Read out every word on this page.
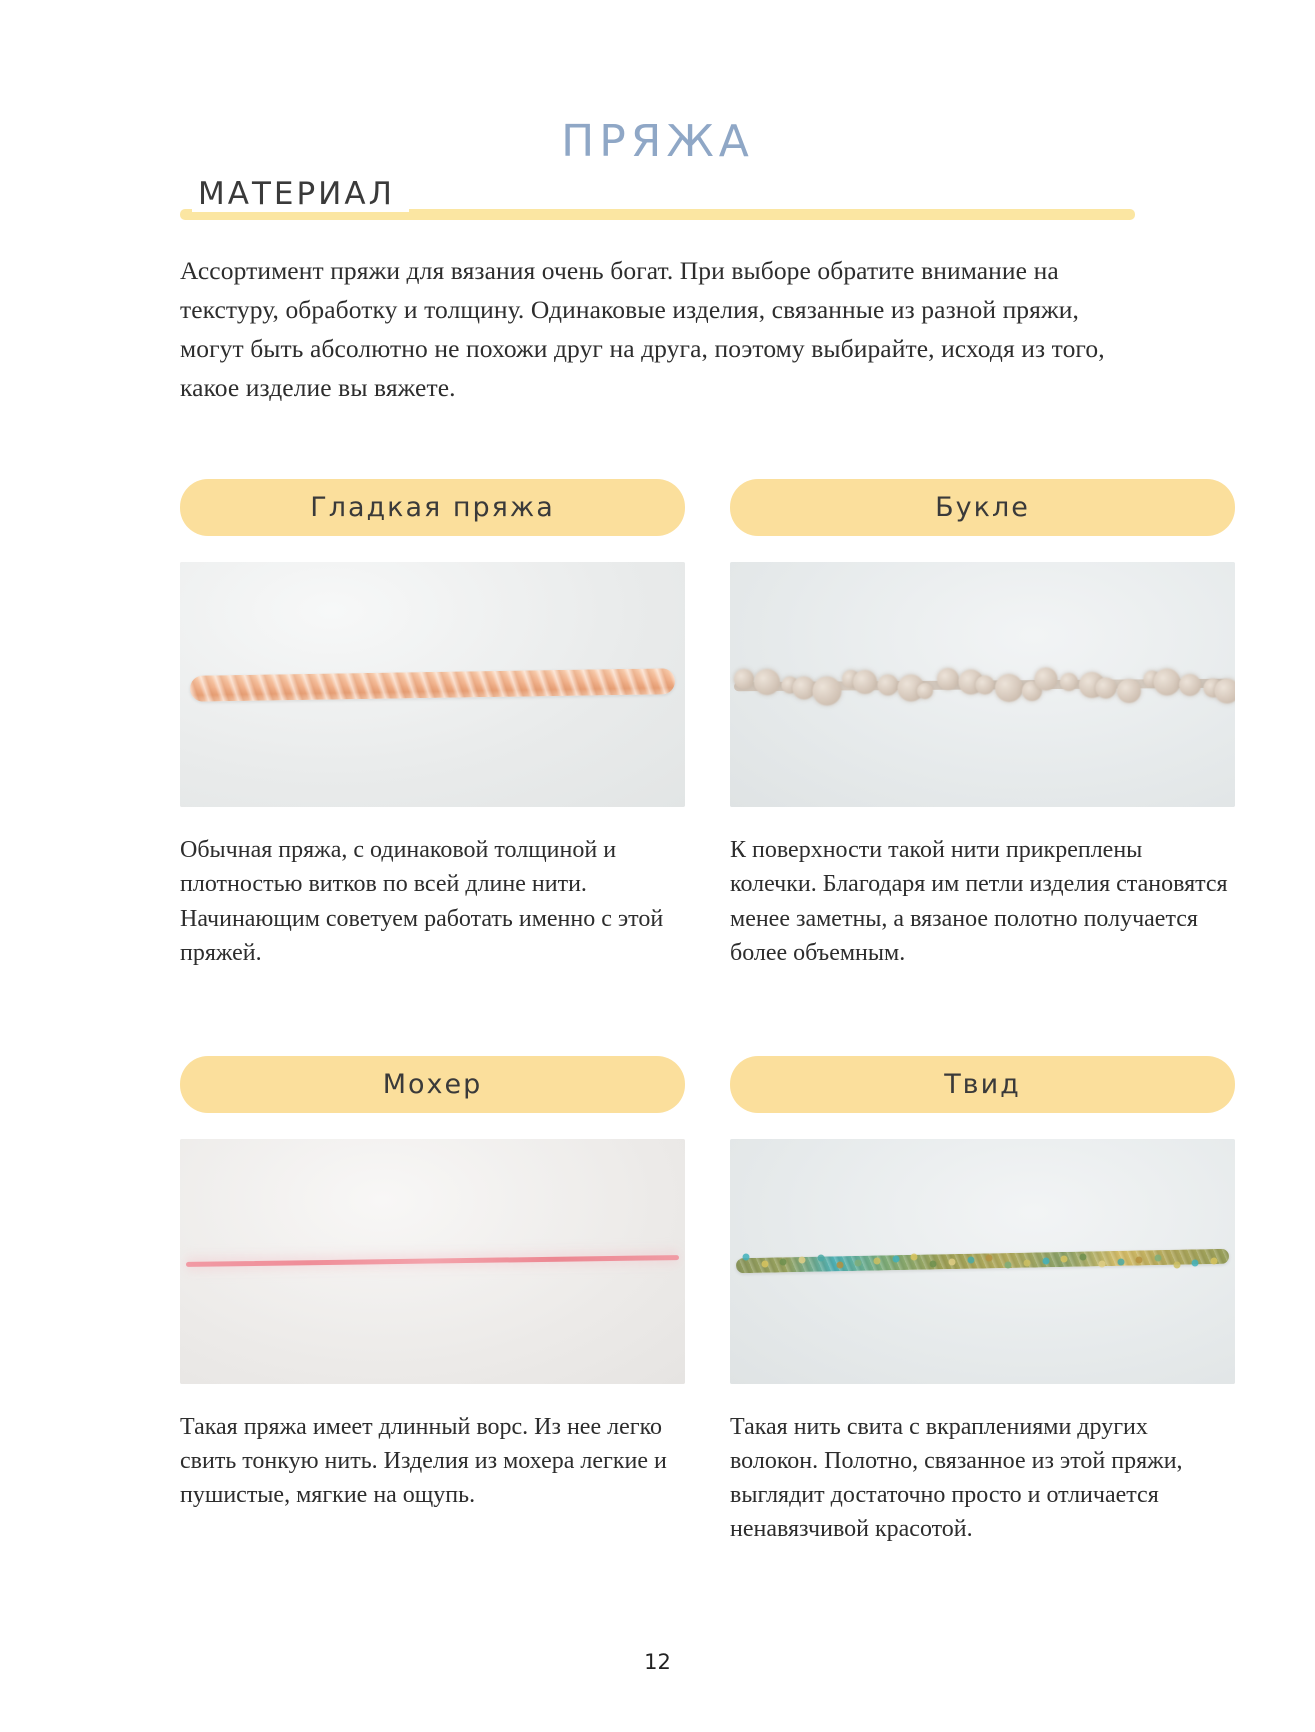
ПРЯЖА
МАТЕРИАЛ

Ассортимент пряжи для вязания очень богат. При выборе обратите внимание на текстуру, обработку и толщину. Одинаковые изделия, связанные из разной пряжи, могут быть абсолютно не похожи друг на друга, поэтому выбирайте, исходя из того, какое изделие вы вяжете.

Гладкая пряжа

Обычная пряжа, с одинаковой толщиной и плотностью витков по всей длине нити. Начинающим советуем работать именно с этой пряжей.

Букле

К поверхности такой нити прикреплены колечки. Благодаря им петли изделия становятся менее заметны, а вязаное полотно получается более объемным.

Мохер

Такая пряжа имеет длинный ворс. Из нее легко свить тонкую нить. Изделия из мохера легкие и пушистые, мягкие на ощупь.

Твид

Такая нить свита с вкраплениями других волокон. Полотно, связанное из этой пряжи, выглядит достаточно просто и отличается ненавязчивой красотой.

12
